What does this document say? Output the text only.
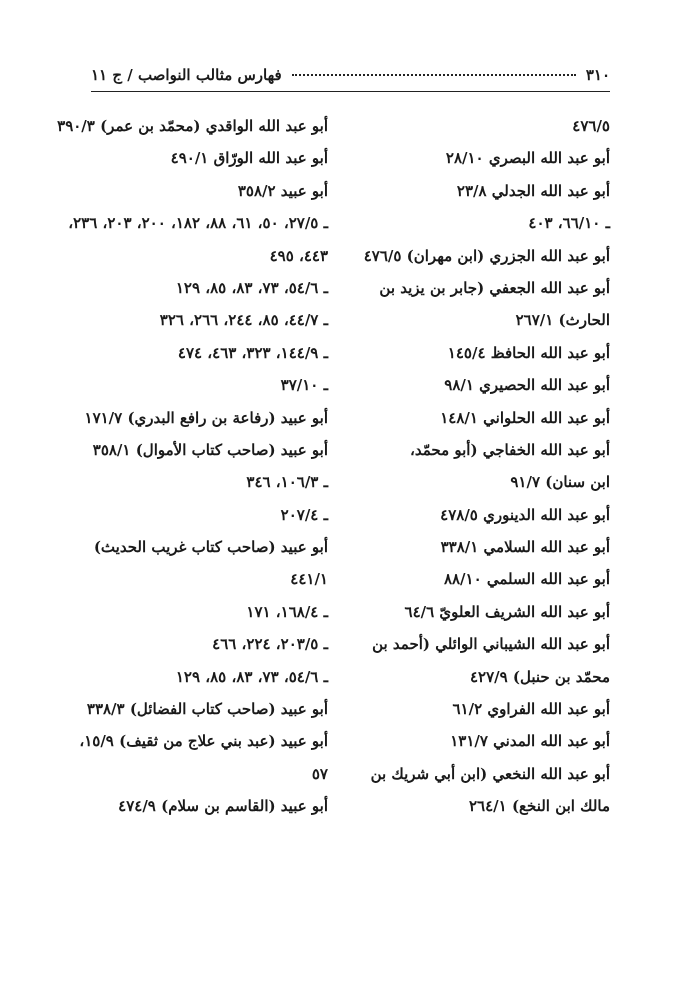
٣١٠
فهارس مثالب النواصب / ج ١١
٤٧٦/٥
أبو عبد الله البصري ٢٨/١٠
أبو عبد الله الجدلي ٢٣/٨
ـ ٦٦/١٠، ٤٠٣
أبو عبد الله الجزري (ابن مهران) ٤٧٦/٥
أبو عبد الله الجعفي (جابر بن يزيد بن
الحارث) ٢٦٧/١
أبو عبد الله الحافظ ١٤٥/٤
أبو عبد الله الحصيري ٩٨/١
أبو عبد الله الحلواني ١٤٨/١
أبو عبد الله الخفاجي (أبو محمّد،
ابن سنان) ٩١/٧
أبو عبد الله الدينوري ٤٧٨/٥
أبو عبد الله السلامي ٣٣٨/١
أبو عبد الله السلمي ٨٨/١٠
أبو عبد الله الشريف العلويّ ٦٤/٦
أبو عبد الله الشيباني الوائلي (أحمد بن
محمّد بن حنبل) ٤٢٧/٩
أبو عبد الله الفراوي ٦١/٢
أبو عبد الله المدني ١٣١/٧
أبو عبد الله النخعي (ابن أبي شريك بن
مالك ابن النخع) ٢٦٤/١
أبو عبد الله الواقدي (محمّد بن عمر) ٣٩٠/٣
أبو عبد الله الورّاق ٤٩٠/١
أبو عبيد ٣٥٨/٢
ـ ٢٧/٥، ٥٠، ٦١، ٨٨، ١٨٢، ٢٠٠، ٢٠٣، ٢٣٦،
٤٤٣، ٤٩٥
ـ ٥٤/٦، ٧٣، ٨٣، ٨٥، ١٢٩
ـ ٤٤/٧، ٨٥، ٢٤٤، ٢٦٦، ٣٢٦
ـ ١٤٤/٩، ٣٢٣، ٤٦٣، ٤٧٤
ـ ٣٧/١٠
أبو عبيد (رفاعة بن رافع البدري) ١٧١/٧
أبو عبيد (صاحب كتاب الأموال) ٣٥٨/١
ـ ١٠٦/٣، ٣٤٦
ـ ٢٠٧/٤
أبو عبيد (صاحب كتاب غريب الحديث)
٤٤١/١
ـ ١٦٨/٤، ١٧١
ـ ٢٠٣/٥، ٢٢٤، ٤٦٦
ـ ٥٤/٦، ٧٣، ٨٣، ٨٥، ١٢٩
أبو عبيد (صاحب كتاب الفضائل) ٣٣٨/٣
أبو عبيد (عبد بني علاج من ثقيف) ١٥/٩،
٥٧
أبو عبيد (القاسم بن سلام) ٤٧٤/٩
